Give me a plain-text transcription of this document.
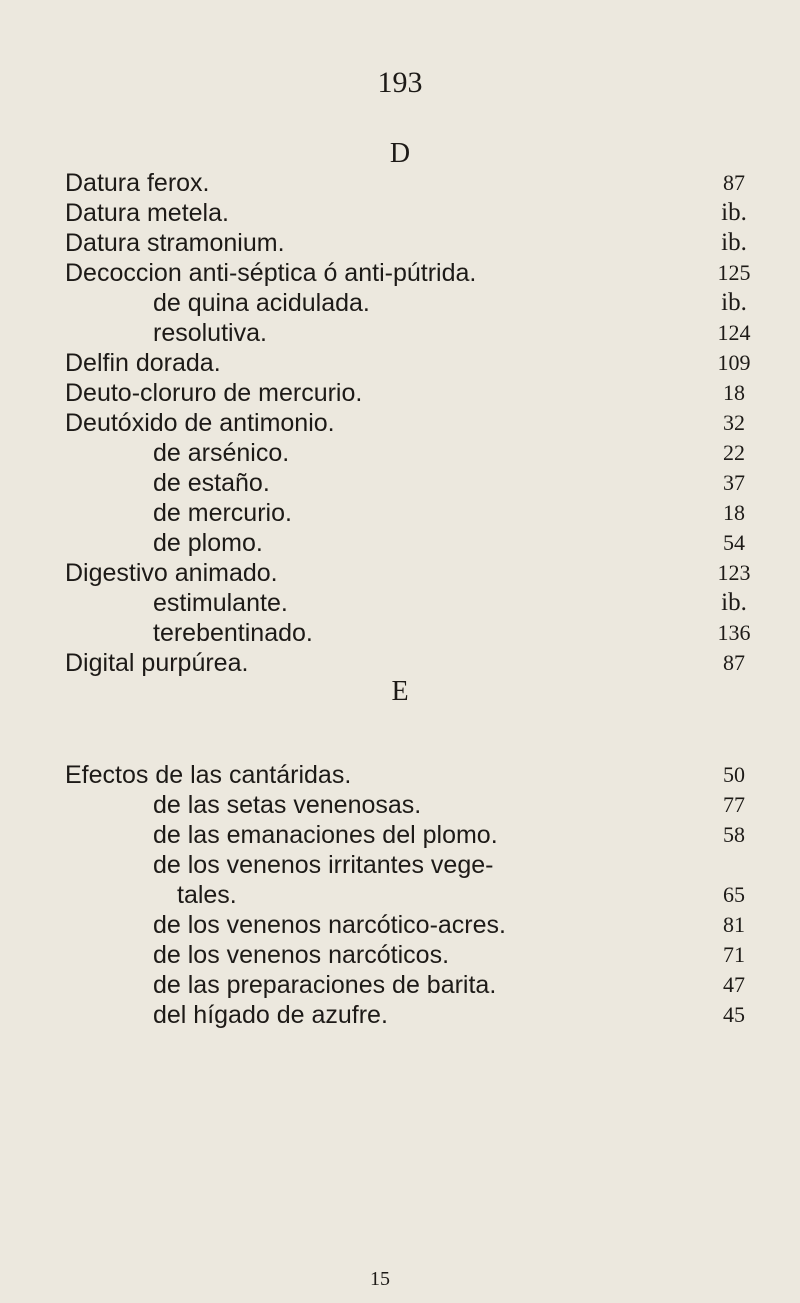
193
D
Datura ferox.	87
Datura metela.	ib.
Datura stramonium.	ib.
Decoccion anti-séptica ó anti-pútrida.	125
de quina acidulada.	ib.
resolutiva.	124
Delfin dorada.	109
Deuto-cloruro de mercurio.	18
Deutóxido de antimonio.	32
de arsénico.	22
de estaño.	37
de mercurio.	18
de plomo.	54
Digestivo animado.	123
estimulante.	ib.
terebentinado.	136
Digital purpúrea.	87
E
Efectos de las cantáridas.	50
de las setas venenosas.	77
de las emanaciones del plomo.	58
de los venenos irritantes vege-
tales.	65
de los venenos narcótico-acres.	81
de los venenos narcóticos.	71
de las preparaciones de barita.	47
del hígado de azufre.	45
15
